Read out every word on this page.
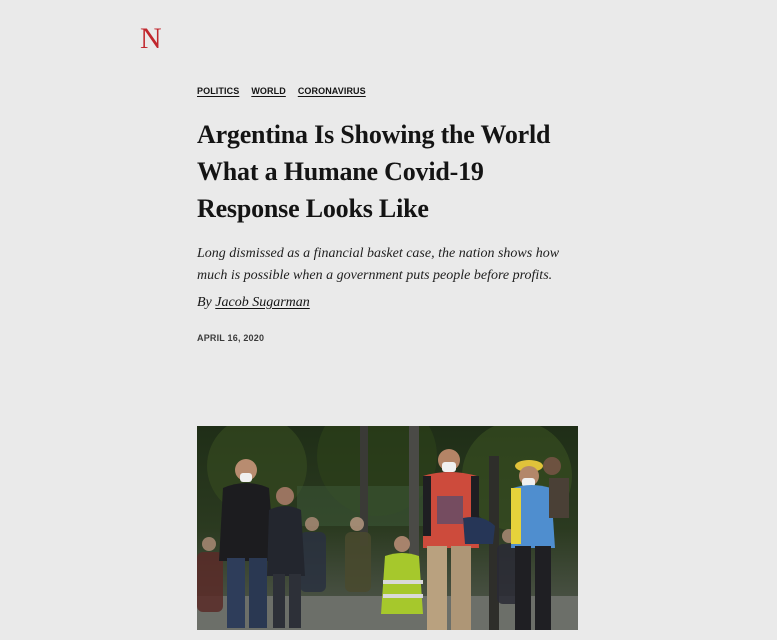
N
POLITICS WORLD CORONAVIRUS
Argentina Is Showing the World What a Humane Covid-19 Response Looks Like

Long dismissed as a financial basket case, the nation shows how much is possible when a government puts people before profits.

By Jacob Sugarman
APRIL 16, 2020
